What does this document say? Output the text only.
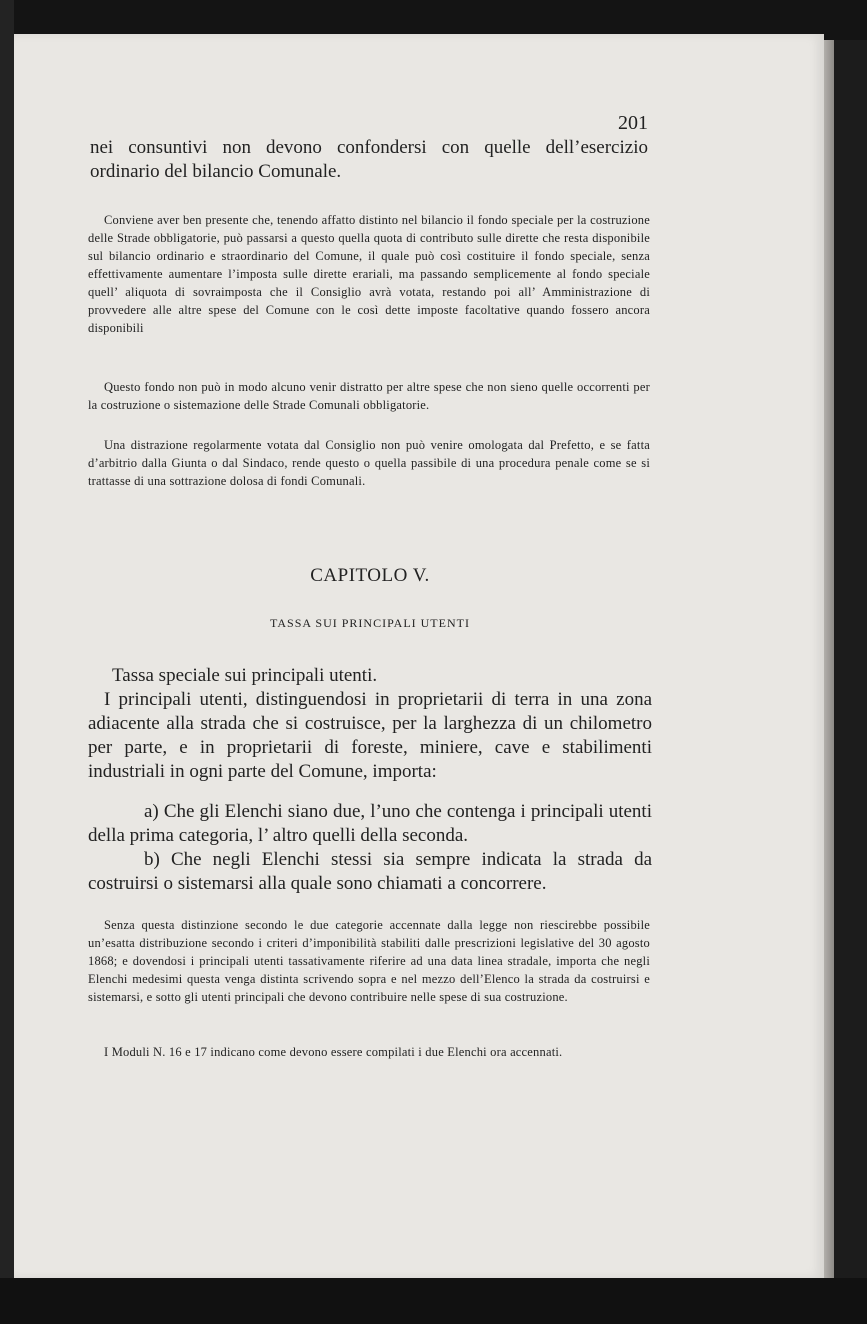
201

nei consuntivi non devono confondersi con quelle dell’esercizio ordinario del bilancio Comunale.

Conviene aver ben presente che, tenendo affatto distinto nel bilancio il fondo speciale per la costruzione delle Strade obbligatorie, può passarsi a questo quella quota di contributo sulle dirette che resta disponibile sul bilancio ordinario e straordinario del Comune, il quale può così costituire il fondo speciale, senza effettivamente aumentare l’imposta sulle dirette erariali, ma passando semplicemente al fondo speciale quell’ aliquota di sovraimposta che il Consiglio avrà votata, restando poi all’ Amministrazione di provvedere alle altre spese del Comune con le così dette imposte facoltative quando fossero ancora disponibili

Questo fondo non può in modo alcuno venir distratto per altre spese che non sieno quelle occorrenti per la costruzione o sistemazione delle Strade Comunali obbligatorie.

Una distrazione regolarmente votata dal Consiglio non può venire omologata dal Prefetto, e se fatta d’arbitrio dalla Giunta o dal Sindaco, rende questo o quella passibile di una procedura penale come se si trattasse di una sottrazione dolosa di fondi Comunali.

CAPITOLO V.
TASSA SUI PRINCIPALI UTENTI

Tassa speciale sui principali utenti.

I principali utenti, distinguendosi in proprietarii di terra in una zona adiacente alla strada che si costruisce, per la larghezza di un chilometro per parte, e in proprietarii di foreste, miniere, cave e stabilimenti industriali in ogni parte del Comune, importa:

a) Che gli Elenchi siano due, l’uno che contenga i principali utenti della prima categoria, l’ altro quelli della seconda.

b) Che negli Elenchi stessi sia sempre indicata la strada da costruirsi o sistemarsi alla quale sono chiamati a concorrere.

Senza questa distinzione secondo le due categorie accennate dalla legge non riescirebbe possibile un’esatta distribuzione secondo i criteri d’imponibilità stabiliti dalle prescrizioni legislative del 30 agosto 1868; e dovendosi i principali utenti tassativamente riferire ad una data linea stradale, importa che negli Elenchi medesimi questa venga distinta scrivendo sopra e nel mezzo dell’Elenco la strada da costruirsi e sistemarsi, e sotto gli utenti principali che devono contribuire nelle spese di sua costruzione.

I Moduli N. 16 e 17 indicano come devono essere compilati i due Elenchi ora accennati.
